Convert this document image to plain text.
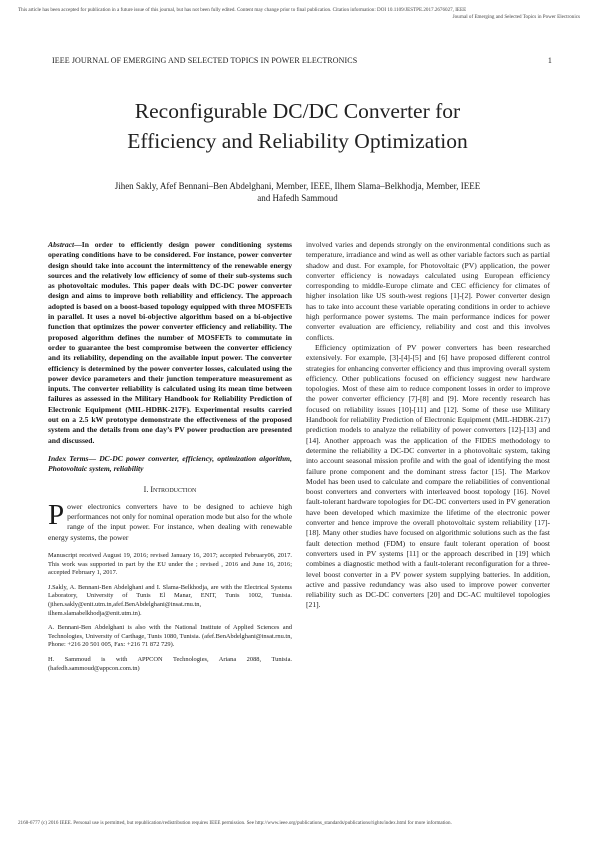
This article has been accepted for publication in a future issue of this journal, but has not been fully edited. Content may change prior to final publication. Citation information: DOI 10.1109/JESTPE.2017.2676027, IEEE
Journal of Emerging and Selected Topics in Power Electronics
IEEE JOURNAL OF EMERGING AND SELECTED TOPICS IN POWER ELECTRONICS	1
Reconfigurable DC/DC Converter for
Efficiency and Reliability Optimization
Jihen Sakly, Afef Bennani–Ben Abdelghani, Member, IEEE, Ilhem Slama–Belkhodja, Member, IEEE
and Hafedh Sammoud
Abstract—In order to efficiently design power conditioning systems operating conditions have to be considered. For instance, power converter design should take into account the intermittency of the renewable energy sources and the relatively low efficiency of some of their sub-systems such as photovoltaic modules. This paper deals with DC-DC power converter design and aims to improve both reliability and efficiency. The approach adopted is based on a boost-based topology equipped with three MOSFETs in parallel. It uses a novel bi-objective algorithm based on a bi-objective function that optimizes the power converter efficiency and reliability. The proposed algorithm defines the number of MOSFETs to commutate in order to guarantee the best compromise between the converter efficiency and its reliability, depending on the available input power. The converter efficiency is determined by the power converter losses, calculated using the power device parameters and their junction temperature measurement as inputs. The converter reliability is calculated using its mean time between failures as assessed in the Military Handbook for Reliability Prediction of Electronic Equipment (MIL-HDBK-217F). Experimental results carried out on a 2.5 kW prototype demonstrate the effectiveness of the proposed system and the details from one day’s PV power production are presented and discussed.
Index Terms— DC-DC power converter, efficiency, optimization algorithm, Photovoltaic system, reliability
I. Introduction
Power electronics converters have to be designed to achieve high performances not only for nominal operation mode but also for the whole range of the input power. For instance, when dealing with renewable energy systems, the power

Manuscript received August 19, 2016; revised January 16, 2017; accepted February06, 2017. This work was supported in part by the EU under the ; revised , 2016 and June 16, 2016; accepted February 1, 2017.

J.Sakly, A. Bennani-Ben Abdelghani and I. Slama-Belkhodja, are with the Electrical Systems Laboratory, University of Tunis El Manar, ENIT, Tunis 1002, Tunisia. (jihen.sakly@enit.utm.tn,afef.BenAbdelghani@insat.rnu.tn, ilhem.slamabelkhodja@enit.utm.tn).

A. Bennani-Ben Abdelghani is also with the National Institute of Applied Sciences and Technologies, University of Carthage, Tunis 1080, Tunisia. (afef.BenAbdelghani@insat.rnu.tn, Phone: +216 20 501 005, Fax: +216 71 872 729).

H. Sammoud is with APPCON Technologies, Ariana 2088, Tunisia. (hafedh.sammoud@appcon.com.tn)

involved varies and depends strongly on the environmental conditions such as temperature, irradiance and wind as well as other variable factors such as partial shadow and dust. For example, for Photovoltaic (PV) application, the power converter efficiency is nowadays calculated using European efficiency corresponding to middle-Europe climate and CEC efficiency for climates of higher insolation like US south-west regions [1]-[2]. Power converter design has to take into account these variable operating conditions in order to achieve high performance power systems. The main performance indices for power converter evaluation are efficiency, reliability and cost and this involves conflicts.

Efficiency optimization of PV power converters has been researched extensively. For example, [3]-[4]-[5] and [6] have proposed different control strategies for enhancing converter efficiency and thus improving overall system efficiency. Other publications focused on efficiency suggest new hardware topologies. Most of these aim to reduce component losses in order to improve the power converter efficiency [7]-[8] and [9]. More recently research has focused on reliability issues [10]-[11] and [12]. Some of these use Military Handbook for reliability Prediction of Electronic Equipment (MIL-HDBK-217) prediction models to analyze the reliability of power converters [12]-[13] and [14]. Another approach was the application of the FIDES methodology to determine the reliability a DC-DC converter in a photovoltaic system, taking into account seasonal mission profile and with the goal of identifying the most failure prone component and the dominant stress factor [15]. The Markov Model has been used to calculate and compare the reliabilities of conventional boost converters and converters with interleaved boost topology [16]. Novel fault-tolerant hardware topologies for DC-DC converters used in PV generation have been developed which maximize the lifetime of the electronic power converter and hence improve the overall photovoltaic system reliability [17]-[18]. Many other studies have focused on algorithmic solutions such as the fast fault detection method (FDM) to ensure fault tolerant operation of boost converters used in PV systems [11] or the approach described in [19] which combines a diagnostic method with a fault-tolerant reconfiguration for a three-level boost converter in a PV power system supplying batteries. In addition, active and passive redundancy was also used to improve power converter reliability such as DC-DC converters [20] and DC-AC multilevel topologies [21].

2168-6777 (c) 2016 IEEE. Personal use is permitted, but republication/redistribution requires IEEE permission. See http://www.ieee.org/publications_standards/publications/rights/index.html for more information.
